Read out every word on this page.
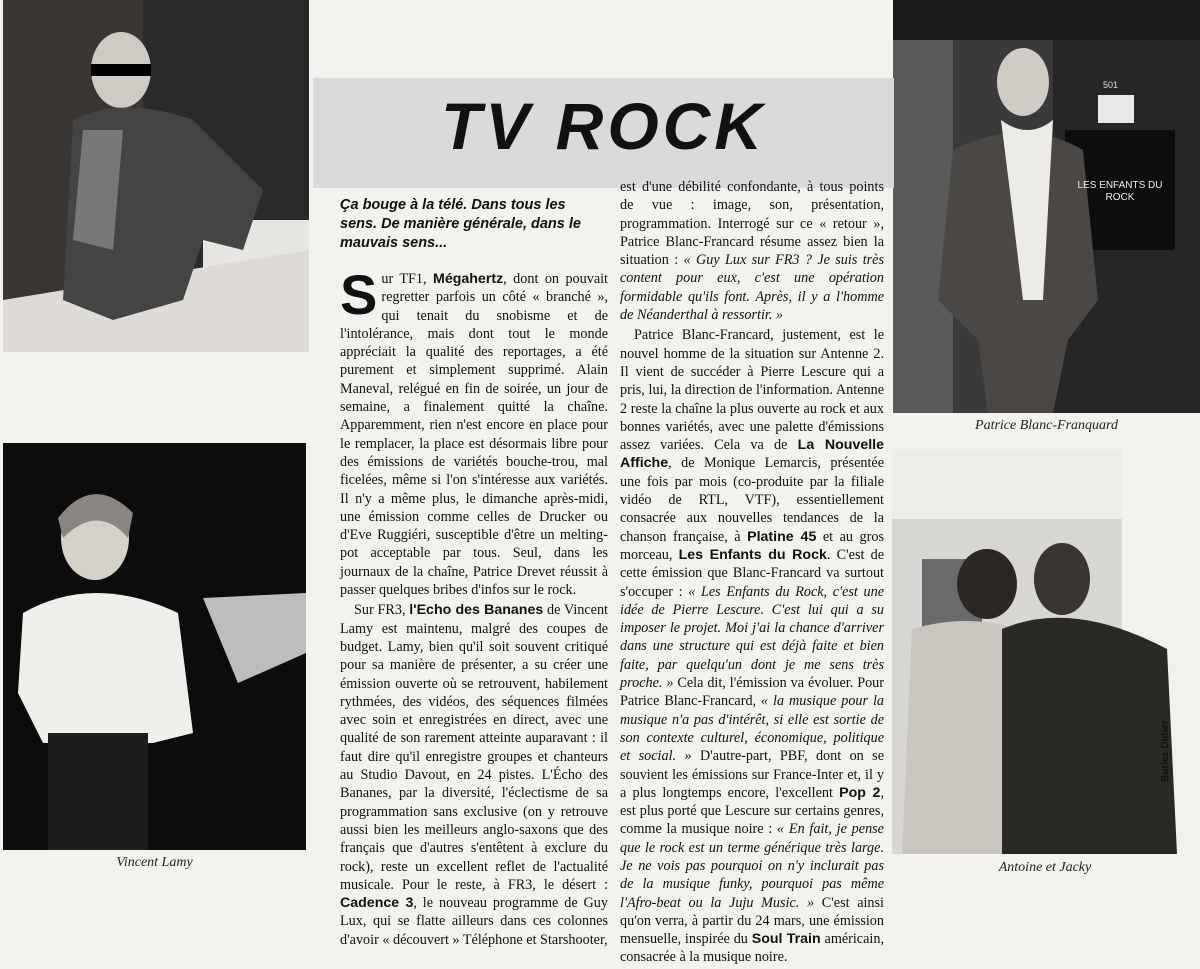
Vincent Lamy
501
LES ENFANTS DU ROCK
Patrice Blanc-Franquard
Antoine et Jacky
Buriez Didier
TV ROCK
Ça bouge à la télé. Dans tous les sens. De manière générale, dans le mauvais sens...

Sur TF1, Mégahertz, dont on pouvait regretter parfois un côté « branché », qui tenait du snobisme et de l'intolérance, mais dont tout le monde appréciait la qualité des reportages, a été purement et simplement supprimé. Alain Maneval, relégué en fin de soirée, un jour de semaine, a finalement quitté la chaîne. Apparemment, rien n'est encore en place pour le remplacer, la place est désormais libre pour des émissions de variétés bouche-trou, mal ficelées, même si l'on s'intéresse aux variétés. Il n'y a même plus, le dimanche après-midi, une émission comme celles de Drucker ou d'Eve Ruggiéri, susceptible d'être un melting-pot acceptable par tous. Seul, dans les journaux de la chaîne, Patrice Drevet réussit à passer quelques bribes d'infos sur le rock.

Sur FR3, l'Echo des Bananes de Vincent Lamy est maintenu, malgré des coupes de budget. Lamy, bien qu'il soit souvent critiqué pour sa manière de présenter, a su créer une émission ouverte où se retrouvent, habilement rythmées, des vidéos, des séquences filmées avec soin et enregistrées en direct, avec une qualité de son rarement atteinte auparavant : il faut dire qu'il enregistre groupes et chanteurs au Studio Davout, en 24 pistes. L'Écho des Bananes, par la diversité, l'éclectisme de sa programmation sans exclusive (on y retrouve aussi bien les meilleurs anglo-saxons que des français que d'autres s'entêtent à exclure du rock), reste un excellent reflet de l'actualité musicale. Pour le reste, à FR3, le désert : Cadence 3, le nouveau programme de Guy Lux, qui se flatte ailleurs dans ces colonnes d'avoir « découvert » Téléphone et Starshooter,

est d'une débilité confondante, à tous points de vue : image, son, présentation, programmation. Interrogé sur ce « retour », Patrice Blanc-Francard résume assez bien la situation : « Guy Lux sur FR3 ? Je suis très content pour eux, c'est une opération formidable qu'ils font. Après, il y a l'homme de Néanderthal à ressortir. »

Patrice Blanc-Francard, justement, est le nouvel homme de la situation sur Antenne 2. Il vient de succéder à Pierre Lescure qui a pris, lui, la direction de l'information. Antenne 2 reste la chaîne la plus ouverte au rock et aux bonnes variétés, avec une palette d'émissions assez variées. Cela va de La Nouvelle Affiche, de Monique Lemarcis, présentée une fois par mois (co-produite par la filiale vidéo de RTL, VTF), essentiellement consacrée aux nouvelles tendances de la chanson française, à Platine 45 et au gros morceau, Les Enfants du Rock. C'est de cette émission que Blanc-Francard va surtout s'occuper : « Les Enfants du Rock, c'est une idée de Pierre Lescure. C'est lui qui a su imposer le projet. Moi j'ai la chance d'arriver dans une structure qui est déjà faite et bien faite, par quelqu'un dont je me sens très proche. » Cela dit, l'émission va évoluer. Pour Patrice Blanc-Francard, « la musique pour la musique n'a pas d'intérêt, si elle est sortie de son contexte culturel, économique, politique et social. » D'autre-part, PBF, dont on se souvient les émissions sur France-Inter et, il y a plus longtemps encore, l'excellent Pop 2, est plus porté que Lescure sur certains genres, comme la musique noire : « En fait, je pense que le rock est un terme générique très large. Je ne vois pas pourquoi on n'y inclurait pas de la musique funky, pourquoi pas même l'Afro-beat ou la Juju Music. » C'est ainsi qu'on verra, à partir du 24 mars, une émission mensuelle, inspirée du Soul Train américain, consacrée à la musique noire.
